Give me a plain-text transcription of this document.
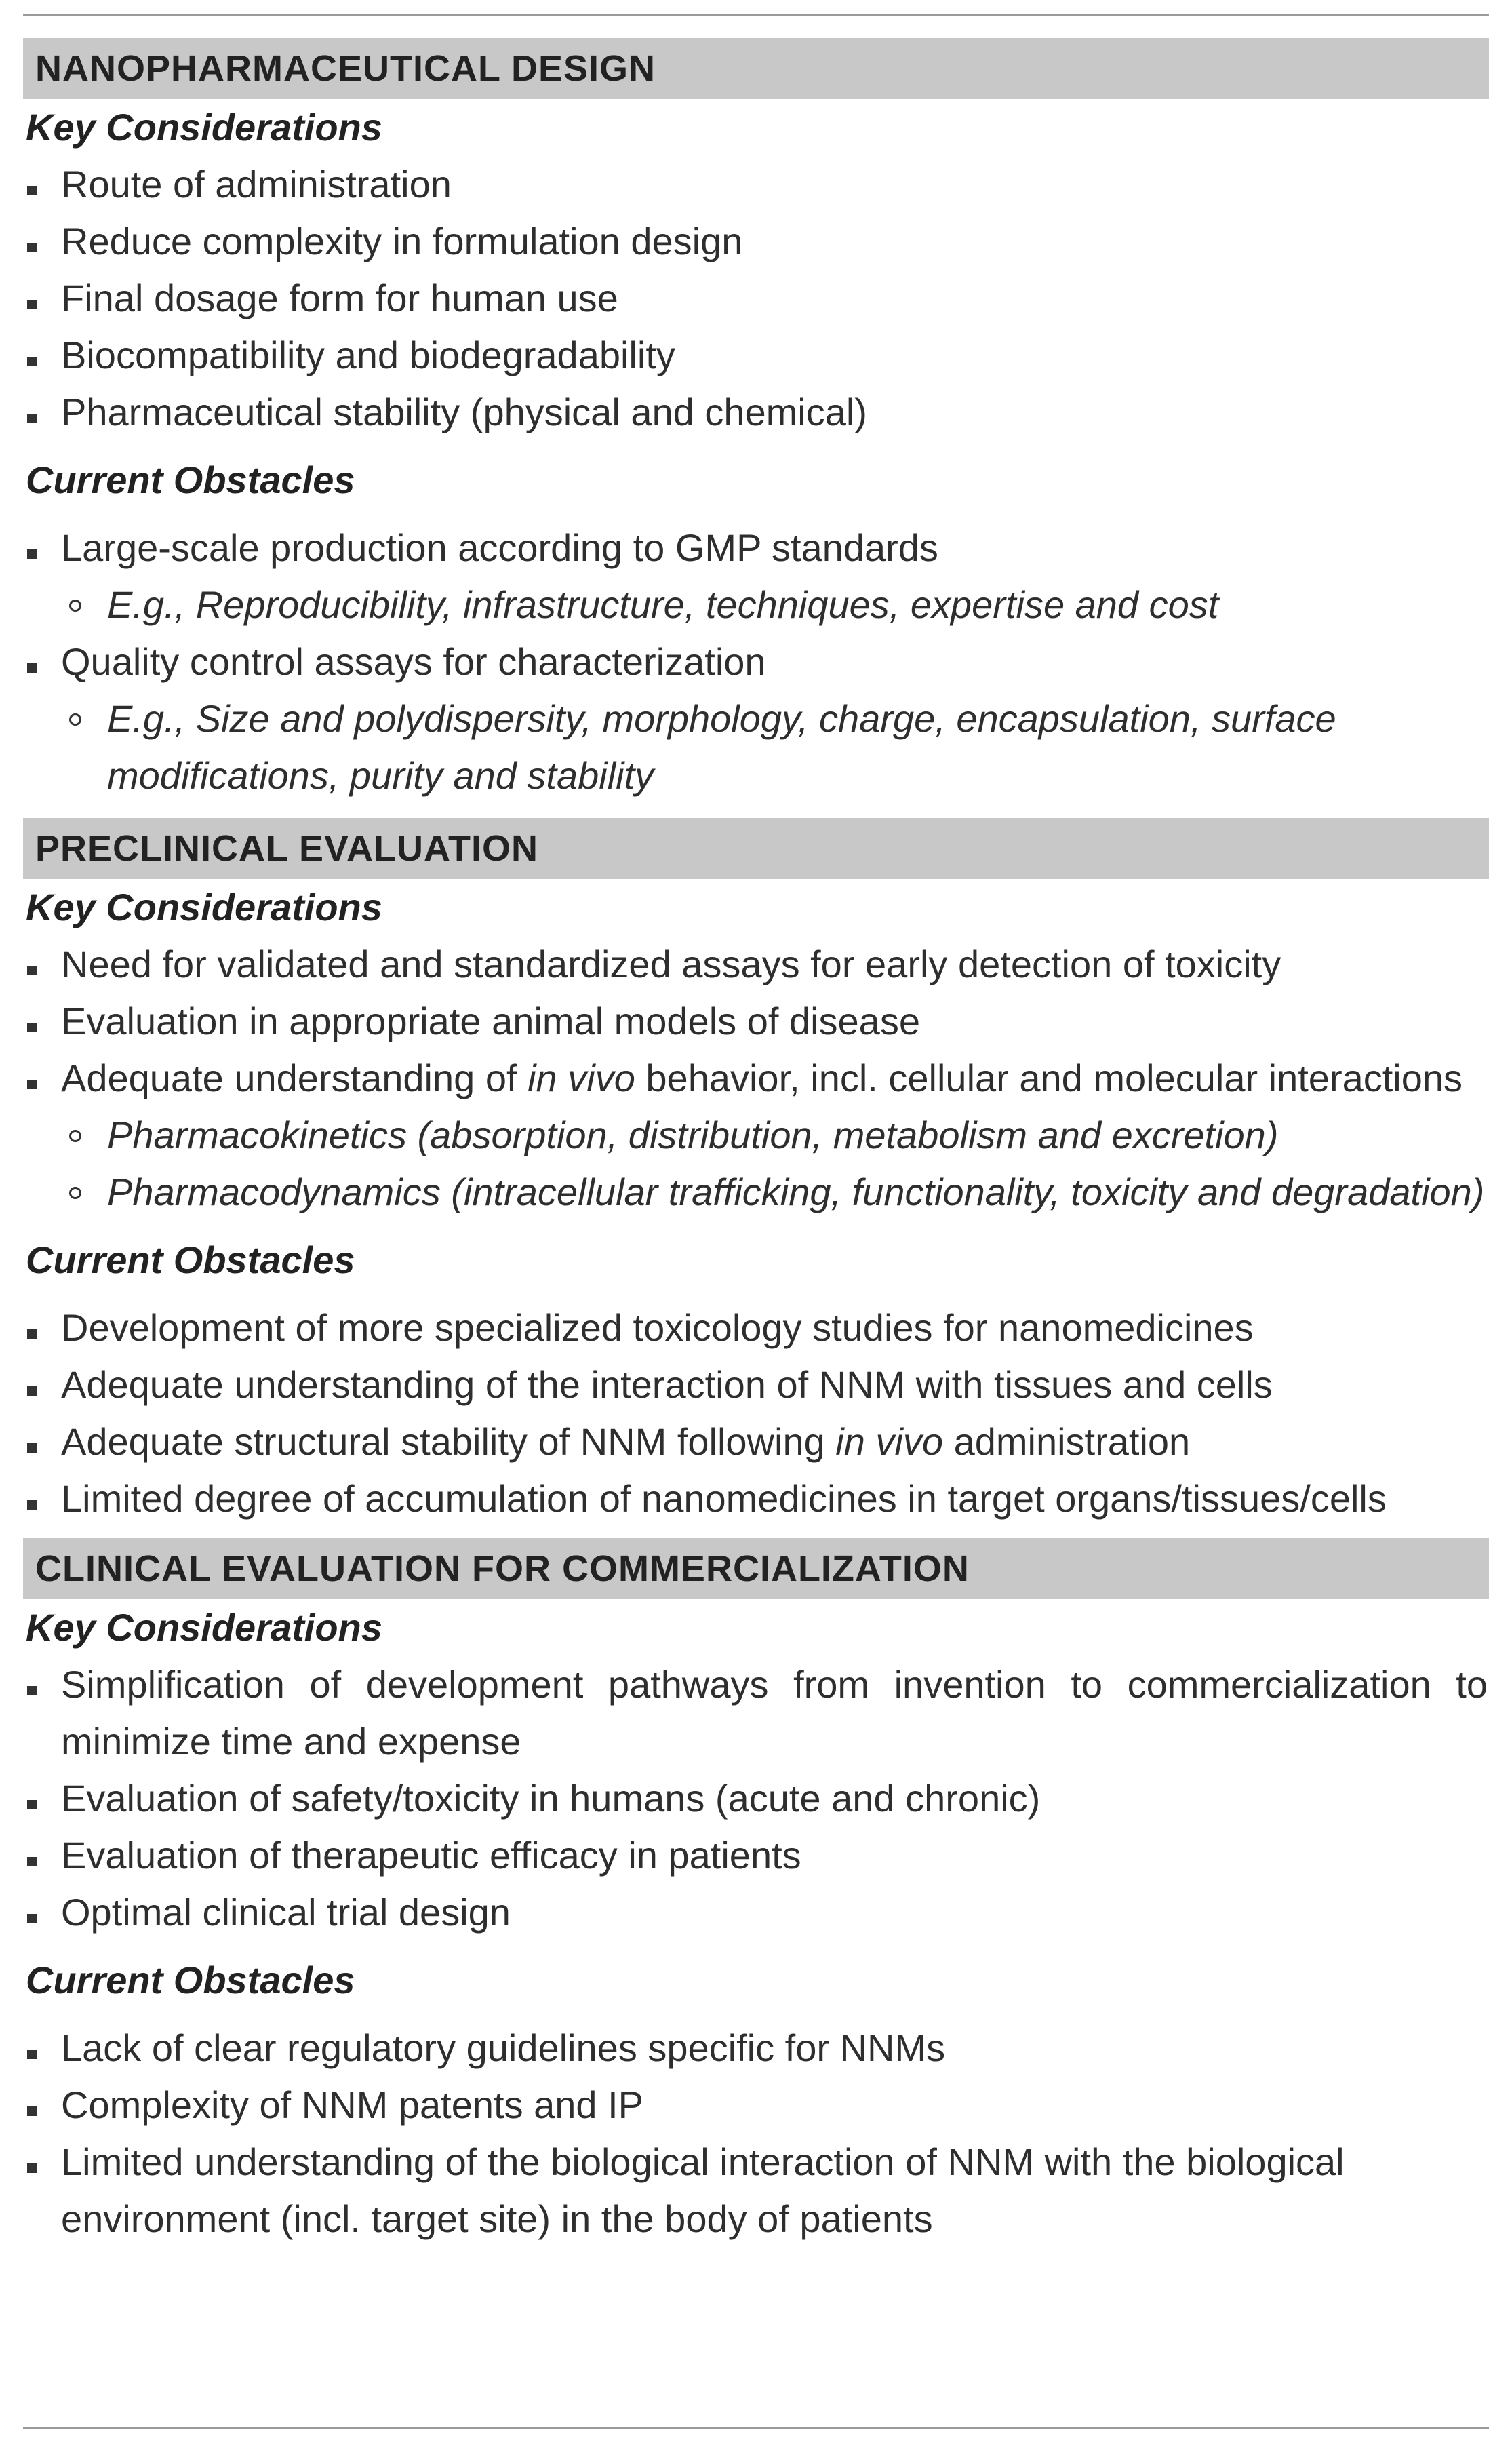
NANOPHARMACEUTICAL DESIGN
Key Considerations
Route of administration
Reduce complexity in formulation design
Final dosage form for human use
Biocompatibility and biodegradability
Pharmaceutical stability (physical and chemical)
Current Obstacles
Large-scale production according to GMP standards
E.g., Reproducibility, infrastructure, techniques, expertise and cost
Quality control assays for characterization
E.g., Size and polydispersity, morphology, charge, encapsulation, surface modifications, purity and stability
PRECLINICAL EVALUATION
Key Considerations
Need for validated and standardized assays for early detection of toxicity
Evaluation in appropriate animal models of disease
Adequate understanding of in vivo behavior, incl. cellular and molecular interactions
Pharmacokinetics (absorption, distribution, metabolism and excretion)
Pharmacodynamics (intracellular trafficking, functionality, toxicity and degradation)
Current Obstacles
Development of more specialized toxicology studies for nanomedicines
Adequate understanding of the interaction of NNM with tissues and cells
Adequate structural stability of NNM following in vivo administration
Limited degree of accumulation of nanomedicines in target organs/tissues/cells
CLINICAL EVALUATION FOR COMMERCIALIZATION
Key Considerations
Simplification of development pathways from invention to commercialization to minimize time and expense
Evaluation of safety/toxicity in humans (acute and chronic)
Evaluation of therapeutic efficacy in patients
Optimal clinical trial design
Current Obstacles
Lack of clear regulatory guidelines specific for NNMs
Complexity of NNM patents and IP
Limited understanding of the biological interaction of NNM with the biological environment (incl. target site) in the body of patients
